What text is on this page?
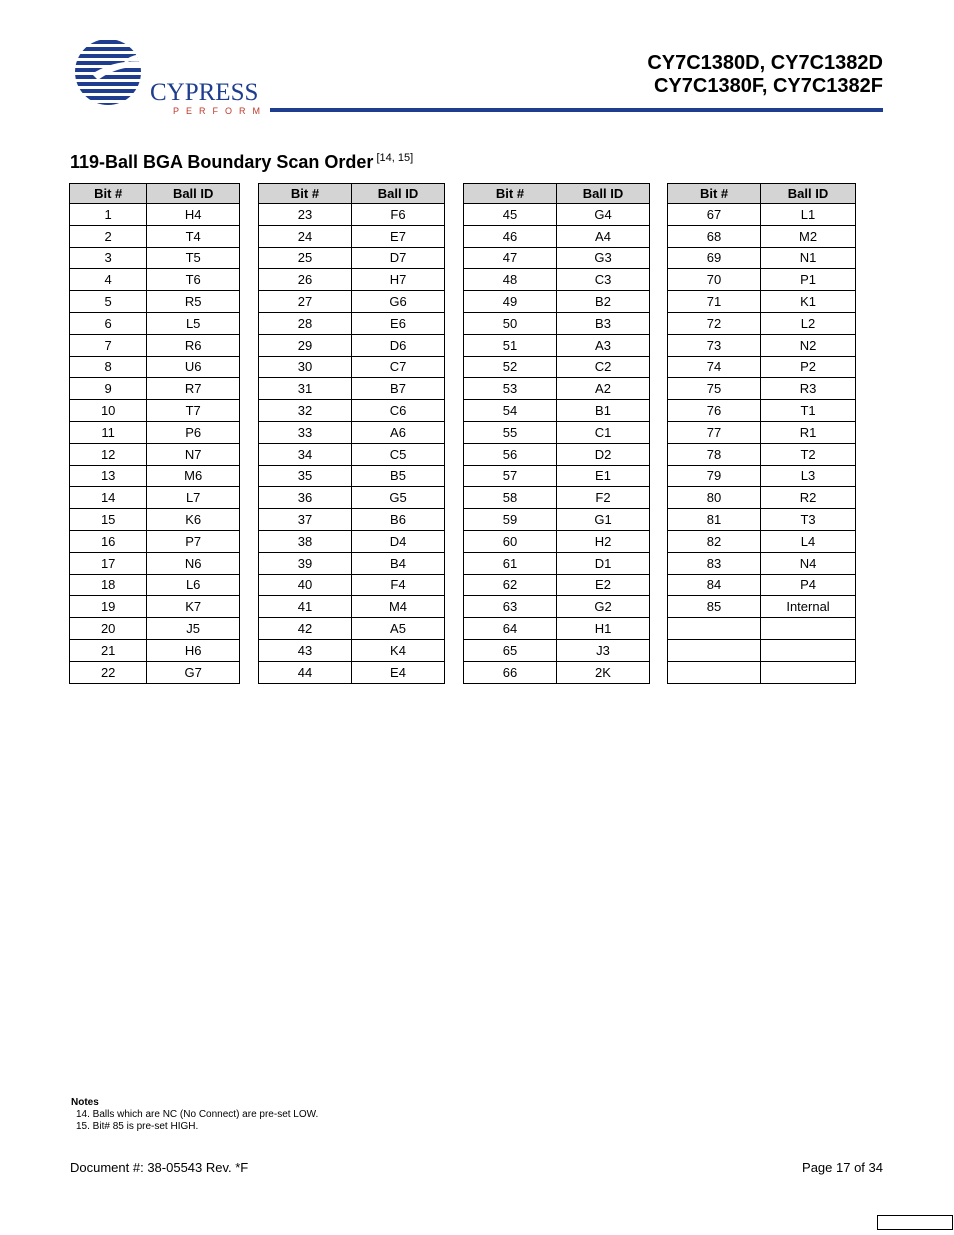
CYPRESS
PERFORM
CY7C1380D, CY7C1382D
CY7C1380F, CY7C1382F
119-Ball BGA Boundary Scan Order [14, 15]
Bit #	Ball ID
1	H4
2	T4
3	T5
4	T6
5	R5
6	L5
7	R6
8	U6
9	R7
10	T7
11	P6
12	N7
13	M6
14	L7
15	K6
16	P7
17	N6
18	L6
19	K7
20	J5
21	H6
22	G7
Bit #	Ball ID
23	F6
24	E7
25	D7
26	H7
27	G6
28	E6
29	D6
30	C7
31	B7
32	C6
33	A6
34	C5
35	B5
36	G5
37	B6
38	D4
39	B4
40	F4
41	M4
42	A5
43	K4
44	E4
Bit #	Ball ID
45	G4
46	A4
47	G3
48	C3
49	B2
50	B3
51	A3
52	C2
53	A2
54	B1
55	C1
56	D2
57	E1
58	F2
59	G1
60	H2
61	D1
62	E2
63	G2
64	H1
65	J3
66	2K
Bit #	Ball ID
67	L1
68	M2
69	N1
70	P1
71	K1
72	L2
73	N2
74	P2
75	R3
76	T1
77	R1
78	T2
79	L3
80	R2
81	T3
82	L4
83	N4
84	P4
85	Internal

Notes
14. Balls which are NC (No Connect) are pre-set LOW.
15. Bit# 85 is pre-set HIGH.
Document #: 38-05543 Rev. *F	Page 17 of 34
